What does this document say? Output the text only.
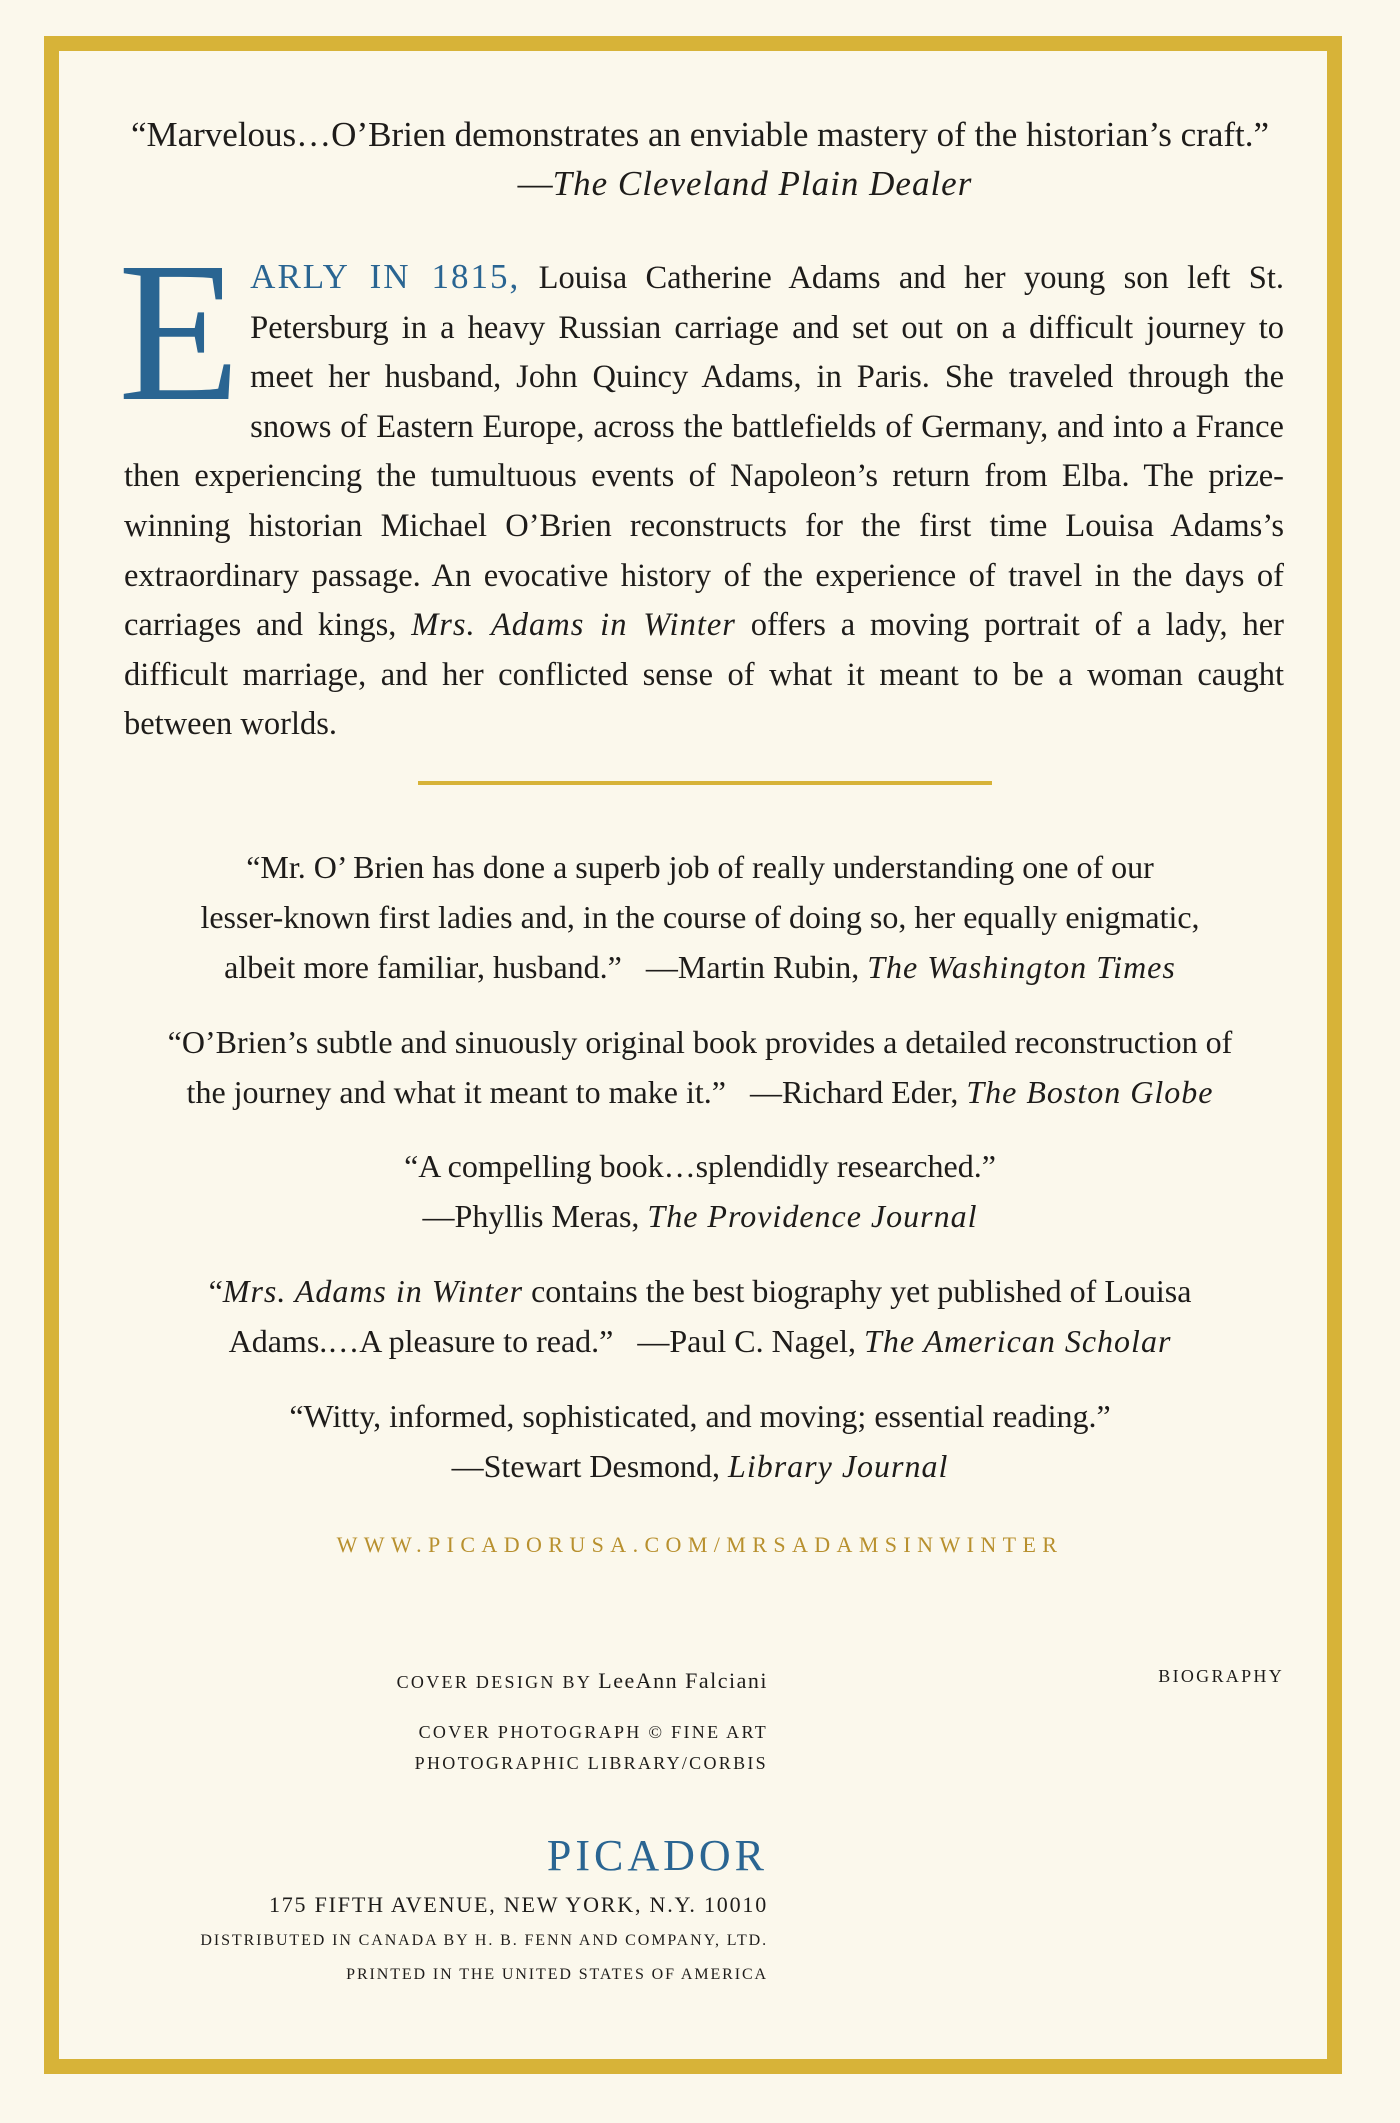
“Marvelous…O’Brien demonstrates an enviable mastery of the historian’s craft.”
—The Cleveland Plain Dealer
EARLY IN 1815, Louisa Catherine Adams and her young son left St. Petersburg in a heavy Russian carriage and set out on a difficult journey to meet her husband, John Quincy Adams, in Paris. She traveled through the snows of Eastern Europe, across the battlefields of Germany, and into a France then experiencing the tumultuous events of Napoleon’s return from Elba. The prize-winning historian Michael O’Brien reconstructs for the first time Louisa Adams’s extraordinary passage. An evocative history of the experience of travel in the days of carriages and kings, Mrs. Adams in Winter offers a moving portrait of a lady, her difficult marriage, and her conflicted sense of what it meant to be a woman caught between worlds.
“Mr. O’ Brien has done a superb job of really understanding one of our
lesser-known first ladies and, in the course of doing so, her equally enigmatic,
albeit more familiar, husband.” —Martin Rubin, The Washington Times
“O’Brien’s subtle and sinuously original book provides a detailed reconstruction of
the journey and what it meant to make it.” —Richard Eder, The Boston Globe
“A compelling book…splendidly researched.”
—Phyllis Meras, The Providence Journal
“Mrs. Adams in Winter contains the best biography yet published of Louisa
Adams.…A pleasure to read.” —Paul C. Nagel, The American Scholar
“Witty, informed, sophisticated, and moving; essential reading.”
—Stewart Desmond, Library Journal
WWW.PICADORUSA.COM/MRSADAMSINWINTER
COVER DESIGN BY LeeAnn Falciani
COVER PHOTOGRAPH © FINE ART
PHOTOGRAPHIC LIBRARY/CORBIS
BIOGRAPHY
PICADOR
175 FIFTH AVENUE, NEW YORK, N.Y. 10010
DISTRIBUTED IN CANADA BY H. B. FENN AND COMPANY, LTD.
PRINTED IN THE UNITED STATES OF AMERICA
